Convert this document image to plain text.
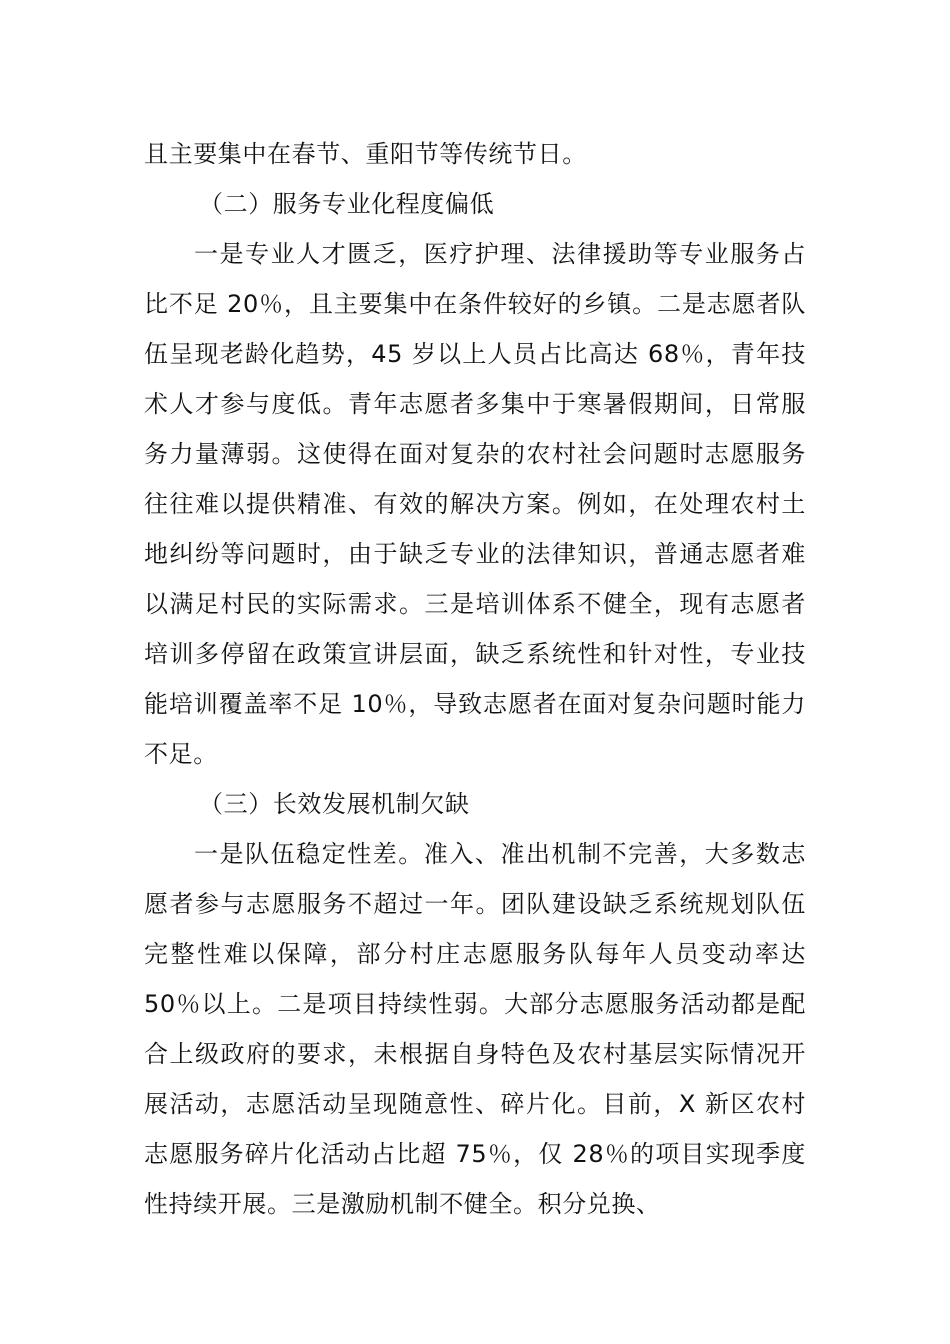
且主要集中在春节、重阳节等传统节日。

（二）服务专业化程度偏低

一是专业人才匮乏，医疗护理、法律援助等专业服务占比不足 20％，且主要集中在条件较好的乡镇。二是志愿者队伍呈现老龄化趋势，45 岁以上人员占比高达 68％，青年技术人才参与度低。青年志愿者多集中于寒暑假期间，日常服务力量薄弱。这使得在面对复杂的农村社会问题时志愿服务往往难以提供精准、有效的解决方案。例如，在处理农村土地纠纷等问题时，由于缺乏专业的法律知识，普通志愿者难以满足村民的实际需求。三是培训体系不健全，现有志愿者培训多停留在政策宣讲层面，缺乏系统性和针对性，专业技能培训覆盖率不足 10％，导致志愿者在面对复杂问题时能力不足。

（三）长效发展机制欠缺

一是队伍稳定性差。准入、准出机制不完善，大多数志愿者参与志愿服务不超过一年。团队建设缺乏系统规划队伍完整性难以保障，部分村庄志愿服务队每年人员变动率达 50％以上。二是项目持续性弱。大部分志愿服务活动都是配合上级政府的要求，未根据自身特色及农村基层实际情况开展活动，志愿活动呈现随意性、碎片化。目前，X 新区农村志愿服务碎片化活动占比超 75％，仅 28％的项目实现季度性持续开展。三是激励机制不健全。积分兑换、
